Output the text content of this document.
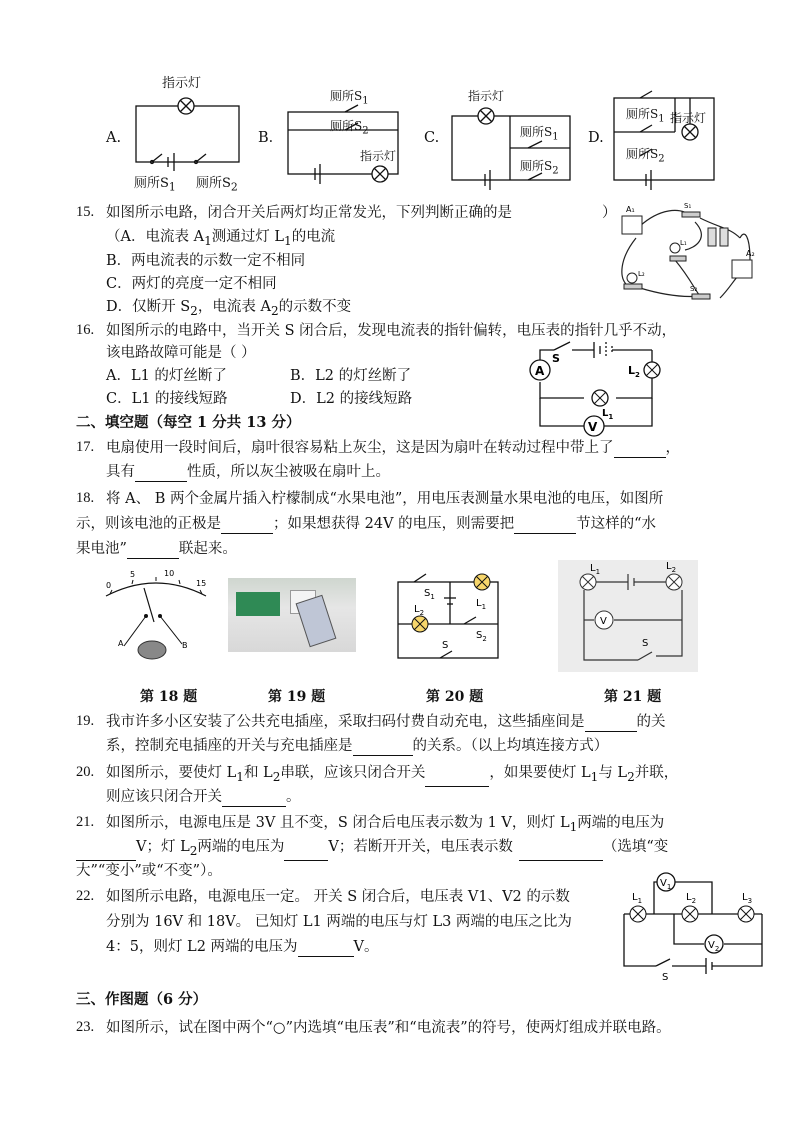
A.
指示灯
厕所$S_1$ 厕所$S_2$
B．
厕所$S_1$
厕所$S_2$
指示灯
C.
指示灯
厕所$S_1$
厕所$S_2$
D.
厕所$S_1$ 指示灯
厕所$S_2$
15. 如图所示电路，闭合开关后两灯均正常发光，下列判断正确的是	）
（A．电流表 $A_1$测通过灯 $L_1$的电流
B．两电流表的示数一定不相同
C．两灯的亮度一定不相同
D．仅断开 $S_2$，电流表 $A_2$的示数不变
A₁
A₂
L₁
L₂
S₁
S₂
16. 如图所示的电路中，当开关 S 闭合后，发现电流表的指针偏转，电压表的指针几乎不动，
该电路故障可能是（ ）
A．L1 的灯丝断了	B．L2 的灯丝断了
C．L1 的接线短路	D．L2 的接线短路
A
V
S
$L_2$
$L_1$
二、填空题（每空 1 分共 13 分）
17. 电扇使用一段时间后，扇叶很容易粘上灰尘，这是因为扇叶在转动过程中带上了	，
具有	性质，所以灰尘被吸在扇叶上。
18. 将 A、 B 两个金属片插入柠檬制成“水果电池”，用电压表测量水果电池的电压，如图所
示，则该电池的正极是	；如果想获得 24V 的电压，则需要把	节这样的“水
果电池”	联起来。
0
5	10
15
A	B
$S_1$
$L_1$
$L_2$
$S_2$
S
V
$L_1$	$L_2$
S
第 18 题	第 19 题	第 20 题	第 21 题
19. 我市许多小区安装了公共充电插座，采取扫码付费自动充电，这些插座间是	的关
系，控制充电插座的开关与充电插座是	的关系。（以上均填连接方式）
20. 如图所示，要使灯 $L_1$和 $L_2$串联，应该只闭合开关	，如果要使灯 $L_1$与 $L_2$并联，
则应该只闭合开关	。
21. 如图所示，电源电压是 3V 且不变，S 闭合后电压表示数为 1 V，则灯 $L_1$两端的电压为
V；灯 $L_2$两端的电压为	V；若断开开关，电压表示数	（选填“变
大”“变小”或“不变”）。
22. 如图所示电路，电源电压一定。 开关 S 闭合后，电压表 V1、V2 的示数
分别为 16V 和 18V。 已知灯 L1 两端的电压与灯 L3 两端的电压之比为
4：5，则灯 L2 两端的电压为	V。
$V_1$
$V_2$
$L_1$	$L_2$	$L_3$
S
三、作图题（6 分）
23. 如图所示，试在图中两个“○”内选填“电压表”和“电流表”的符号，使两灯组成并联电路。
